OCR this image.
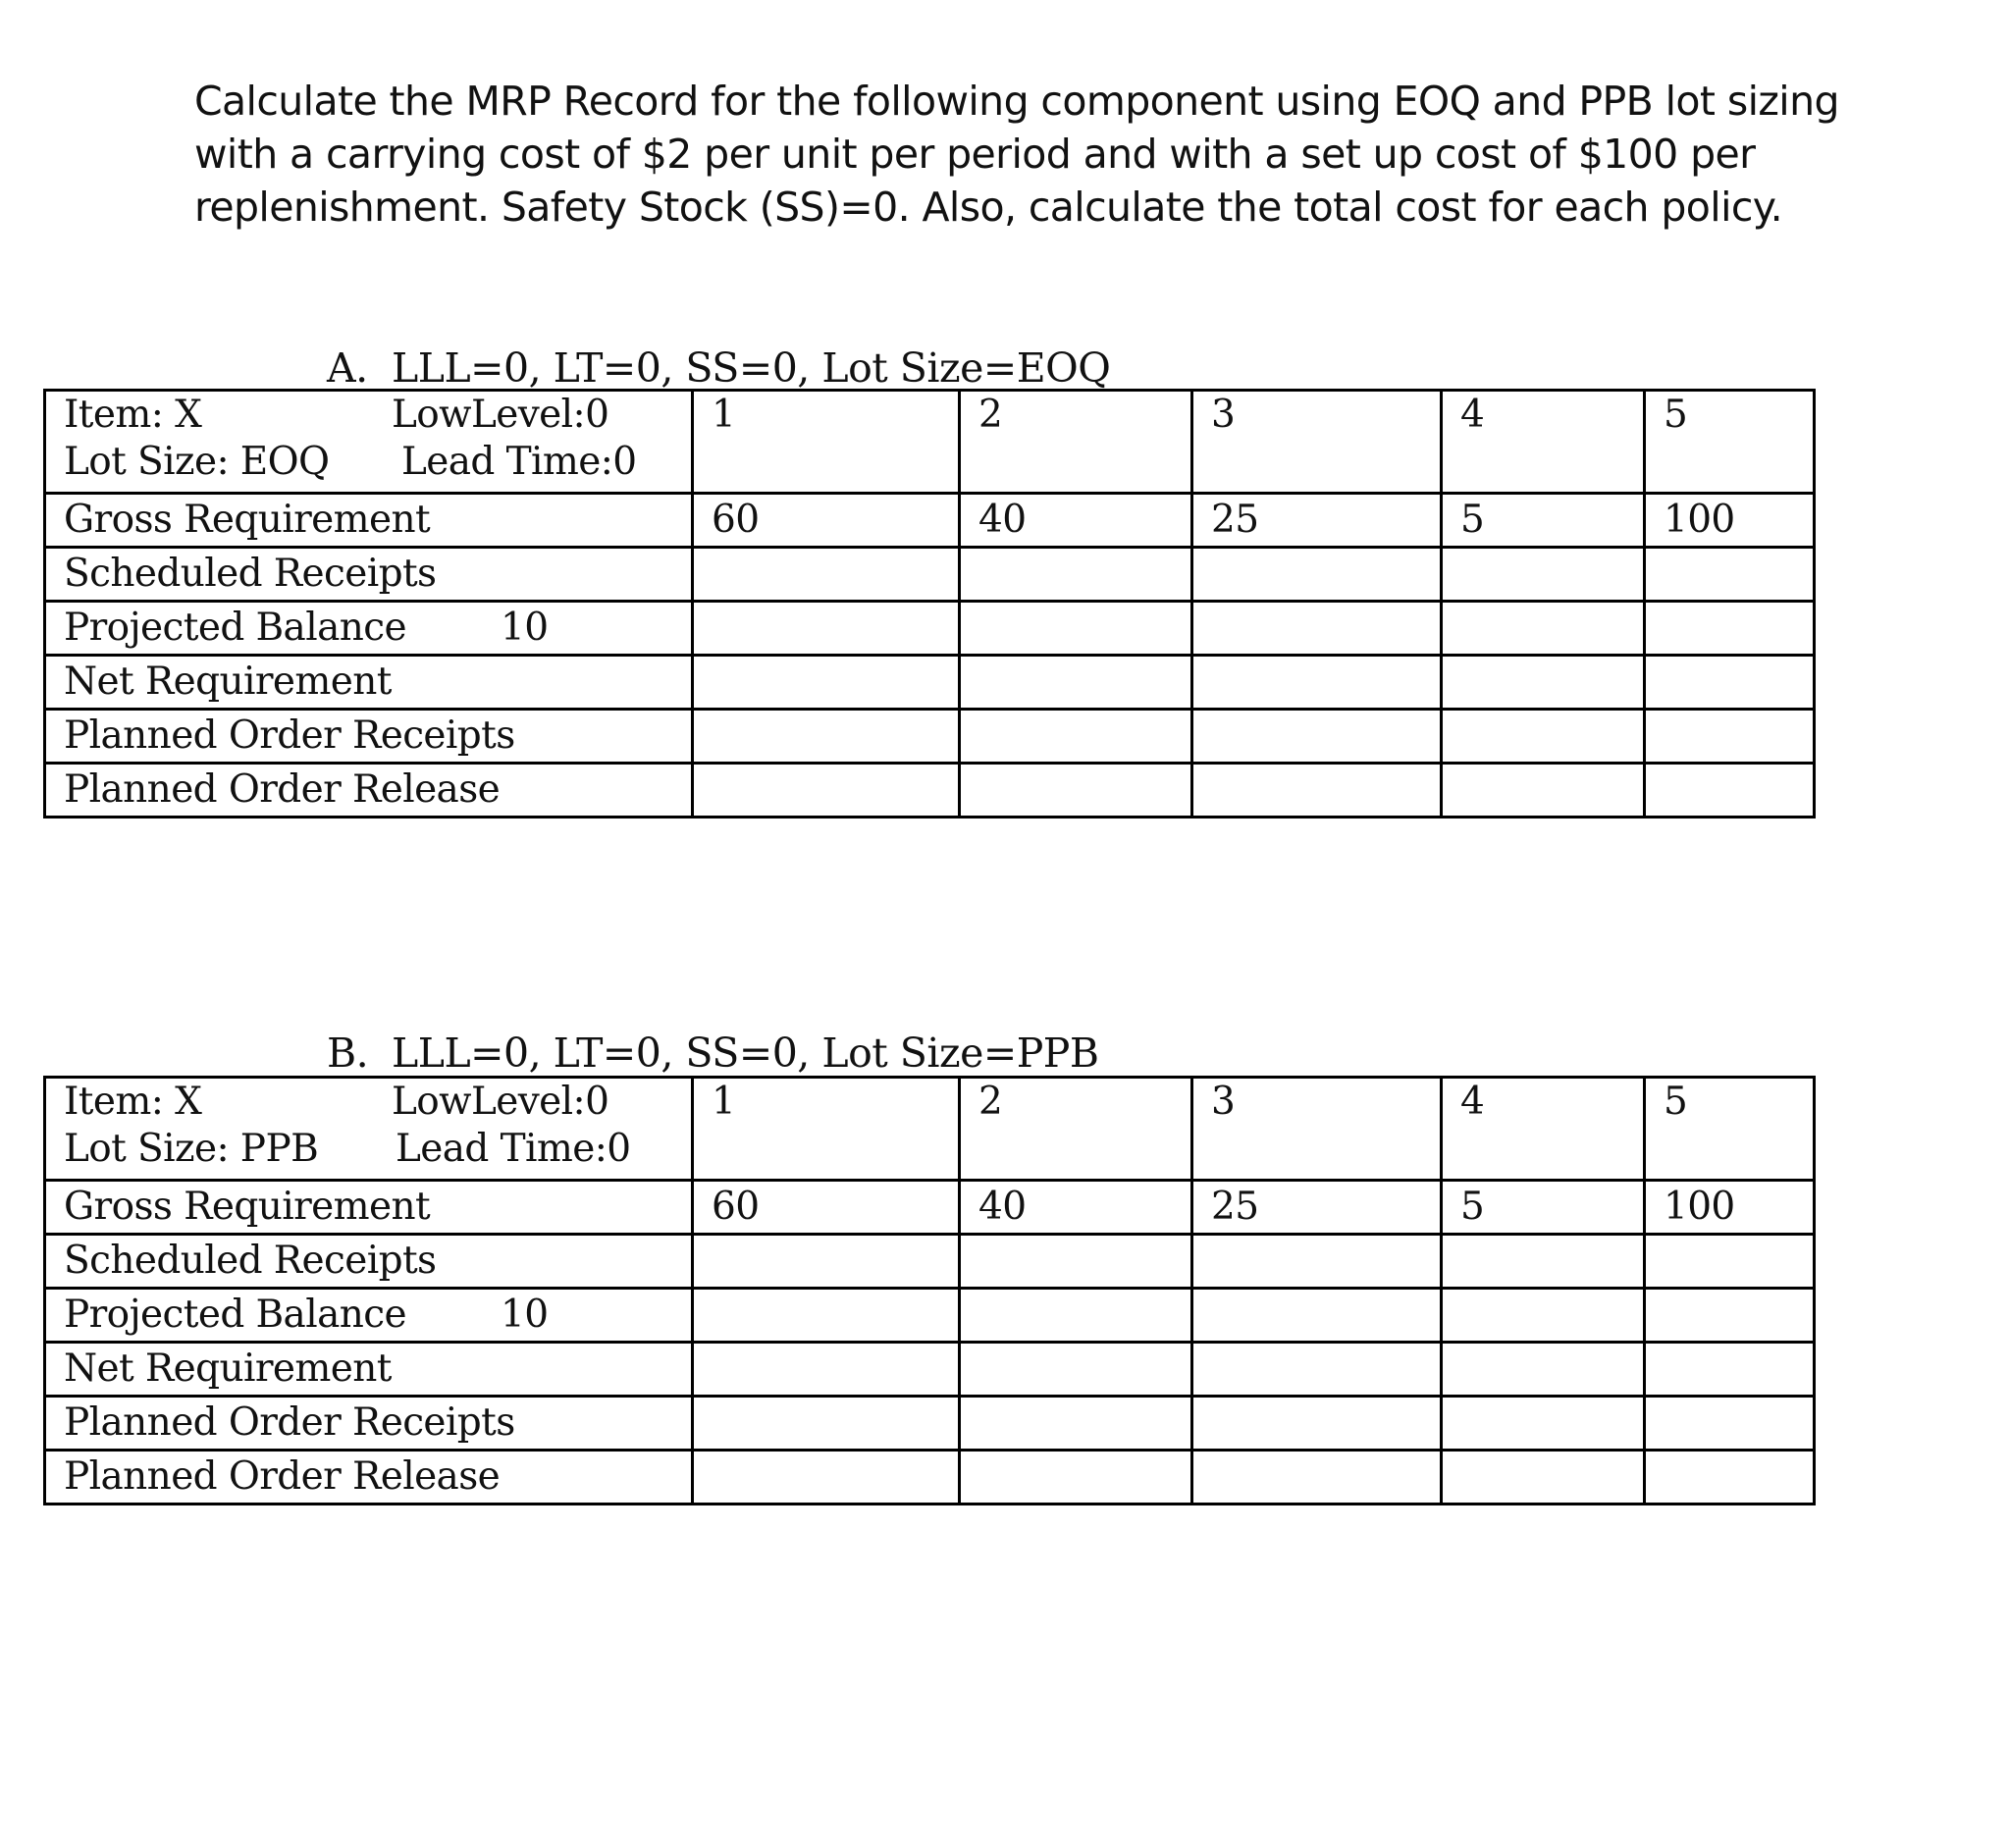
Calculate the MRP Record for the following component using EOQ and PPB lot sizing
with a carrying cost of $2 per unit per period and with a set up cost of $100 per
replenishment. Safety Stock (SS)=0. Also, calculate the total cost for each policy.
A. LLL=0, LT=0, SS=0, Lot Size=EOQ
Item: X LowLevel:0
Lot Size: EOQ Lead Time:0	1	2	3	4	5
Gross Requirement	60	40	25	5	100
Scheduled Receipts					
Projected Balance 10					
Net Requirement					
Planned Order Receipts					
Planned Order Release					
B. LLL=0, LT=0, SS=0, Lot Size=PPB
Item: X LowLevel:0
Lot Size: PPB Lead Time:0	1	2	3	4	5
Gross Requirement	60	40	25	5	100
Scheduled Receipts					
Projected Balance 10					
Net Requirement					
Planned Order Receipts					
Planned Order Release					
